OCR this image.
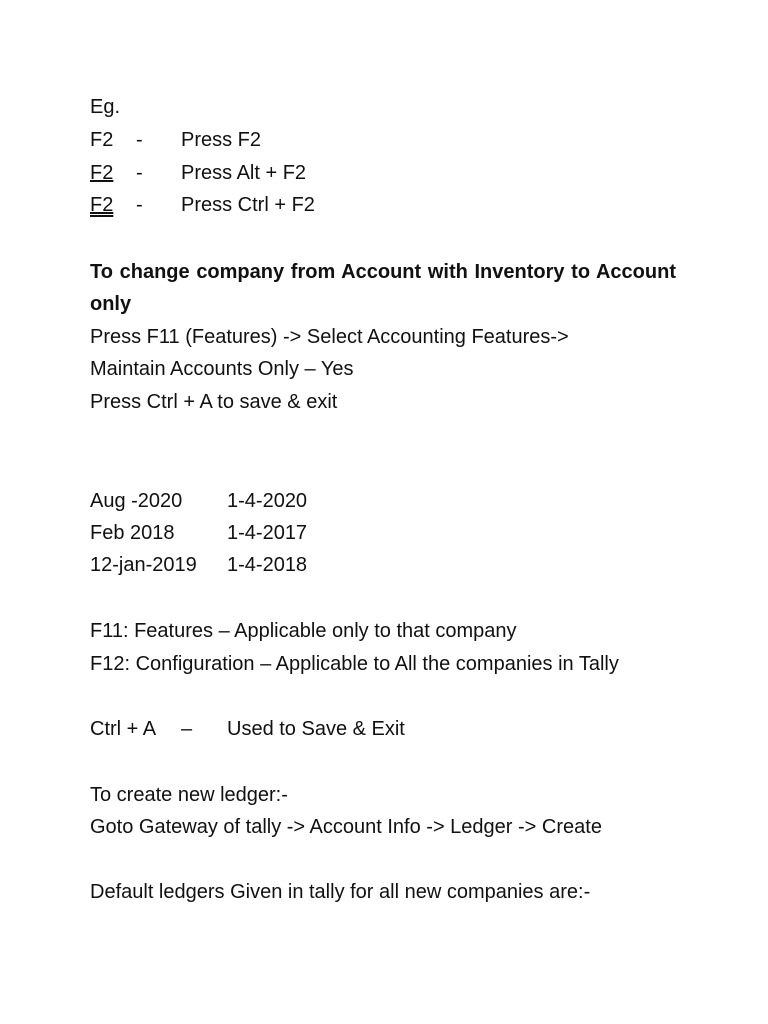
Eg.
F2 - Press F2
F2 - Press Alt + F2
F2 - Press Ctrl + F2
To change company from Account with Inventory to Account only
Press F11 (Features) -> Select Accounting Features->
Maintain Accounts Only – Yes
Press Ctrl + A to save & exit
Aug -2020 1-4-2020
Feb 2018	1-4-2017
12-jan-2019 1-4-2018
F11: Features – Applicable only to that company
F12: Configuration – Applicable to All the companies in Tally
Ctrl + A – Used to Save & Exit
To create new ledger:-
Goto Gateway of tally -> Account Info -> Ledger -> Create
Default ledgers Given in tally for all new companies are:-
